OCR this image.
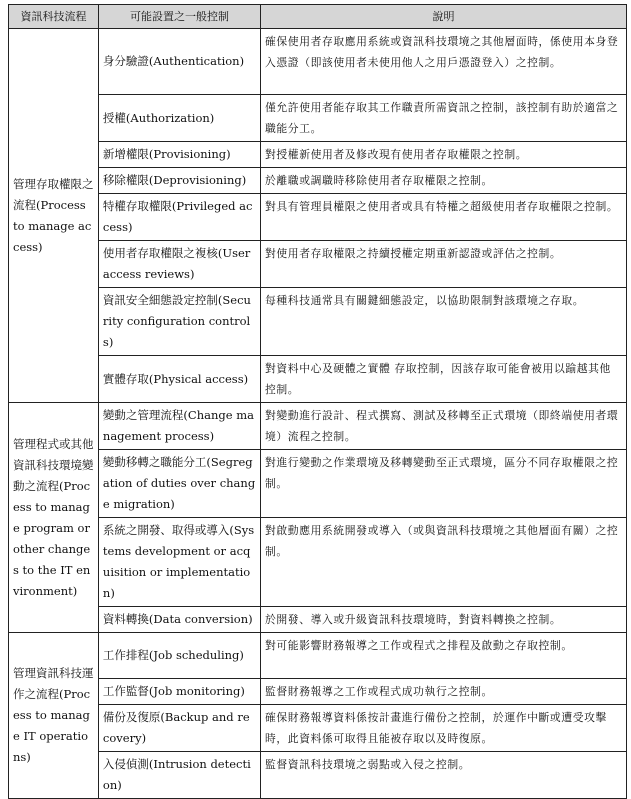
資訊科技流程	可能設置之一般控制	說明
管理存取權限之流程(Process to manage access)	身分驗證(Authentication)	確保使用者存取應用系統或資訊科技環境之其他層面時，係使用本身登入憑證（即該使用者未使用他人之用戶憑證登入）之控制。
	授權(Authorization)	僅允許使用者能存取其工作職責所需資訊之控制，該控制有助於適當之職能分工。
	新增權限(Provisioning)	對授權新使用者及修改現有使用者存取權限之控制。
	移除權限(Deprovisioning)	於離職或調職時移除使用者存取權限之控制。
	特權存取權限(Privileged access)	對具有管理員權限之使用者或具有特權之超級使用者存取權限之控制。
	使用者存取權限之複核(User access reviews)	對使用者存取權限之持續授權定期重新認證或評估之控制。
	資訊安全細態設定控制(Security configuration controls)	每種科技通常具有關鍵細態設定，以協助限制對該環境之存取。
	實體存取(Physical access)	對資料中心及硬體之實體 存取控制，因該存取可能會被用以踰越其他控制。
管理程式或其他資訊科技環境變動之流程(Process to manage program or other changes to the IT environment)	變動之管理流程(Change management process)	對變動進行設計、程式撰寫、測試及移轉至正式環境（即終端使用者環境）流程之控制。
	變動移轉之職能分工(Segregation of duties over change migration)	對進行變動之作業環境及移轉變動至正式環境，區分不同存取權限之控制。
	系統之開發、取得或導入(Systems development or acquisition or implementation)	對啟動應用系統開發或導入（或與資訊科技環境之其他層面有關）之控制。
	資料轉換(Data conversion)	於開發、導入或升級資訊科技環境時，對資料轉換之控制。
管理資訊科技運作之流程(Process to manage IT operations)	工作排程(Job scheduling)	對可能影響財務報導之工作或程式之排程及啟動之存取控制。
	工作監督(Job monitoring)	監督財務報導之工作或程式成功執行之控制。
	備份及復原(Backup and recovery)	確保財務報導資料係按計畫進行備份之控制，於運作中斷或遭受攻擊時，此資料係可取得且能被存取以及時復原。
	入侵偵測(Intrusion detection)	監督資訊科技環境之弱點或入侵之控制。
